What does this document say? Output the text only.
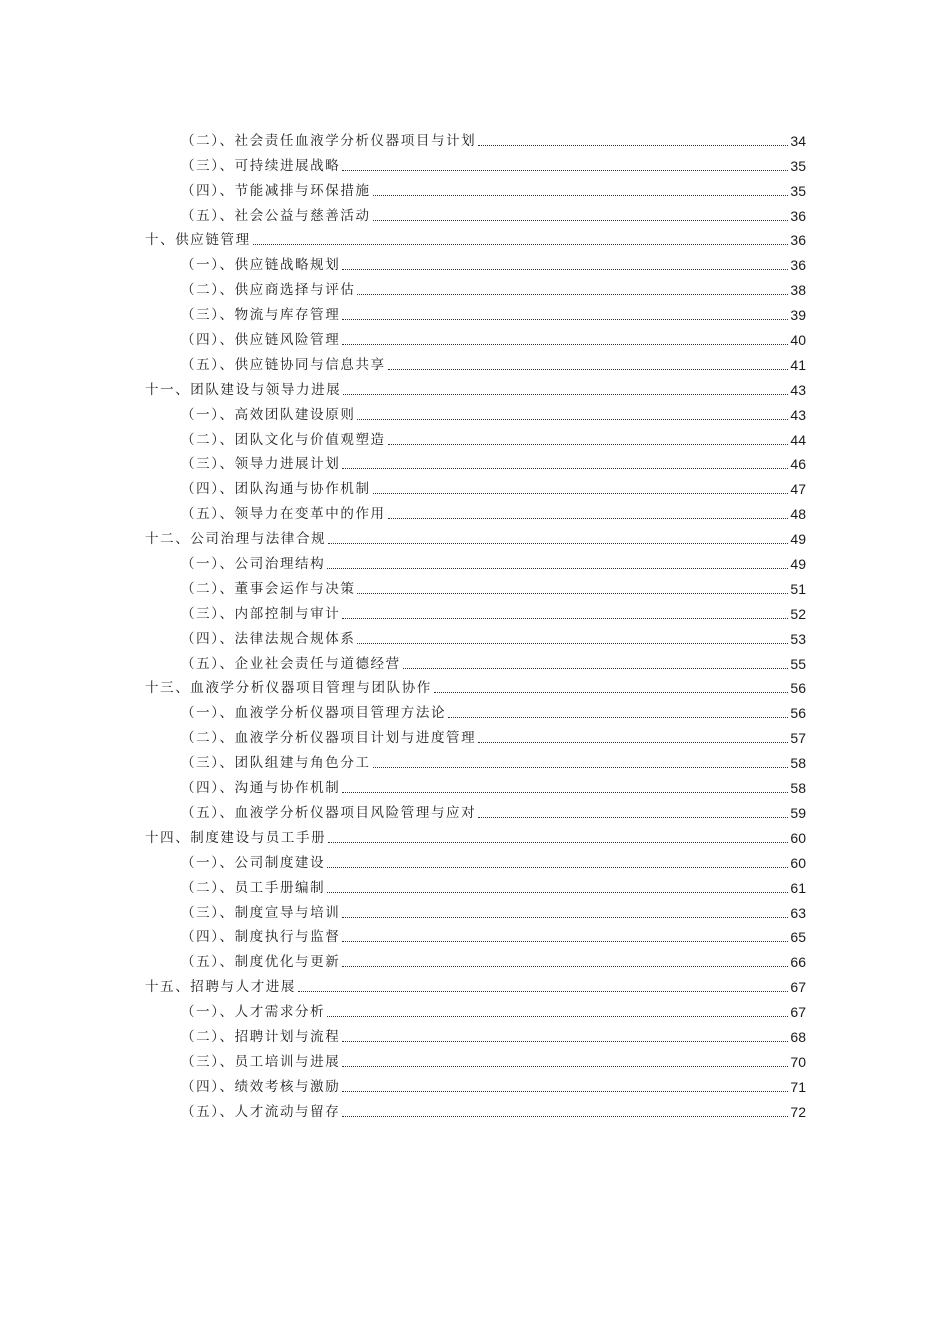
（二）、社会责任血液学分析仪器项目与计划	34
（三）、可持续进展战略	35
（四）、节能减排与环保措施	35
（五）、社会公益与慈善活动	36
十、供应链管理	36
（一）、供应链战略规划	36
（二）、供应商选择与评估	38
（三）、物流与库存管理	39
（四）、供应链风险管理	40
（五）、供应链协同与信息共享	41
十一、团队建设与领导力进展	43
（一）、高效团队建设原则	43
（二）、团队文化与价值观塑造	44
（三）、领导力进展计划	46
（四）、团队沟通与协作机制	47
（五）、领导力在变革中的作用	48
十二、公司治理与法律合规	49
（一）、公司治理结构	49
（二）、董事会运作与决策	51
（三）、内部控制与审计	52
（四）、法律法规合规体系	53
（五）、企业社会责任与道德经营	55
十三、血液学分析仪器项目管理与团队协作	56
（一）、血液学分析仪器项目管理方法论	56
（二）、血液学分析仪器项目计划与进度管理	57
（三）、团队组建与角色分工	58
（四）、沟通与协作机制	58
（五）、血液学分析仪器项目风险管理与应对	59
十四、制度建设与员工手册	60
（一）、公司制度建设	60
（二）、员工手册编制	61
（三）、制度宣导与培训	63
（四）、制度执行与监督	65
（五）、制度优化与更新	66
十五、招聘与人才进展	67
（一）、人才需求分析	67
（二）、招聘计划与流程	68
（三）、员工培训与进展	70
（四）、绩效考核与激励	71
（五）、人才流动与留存	72
